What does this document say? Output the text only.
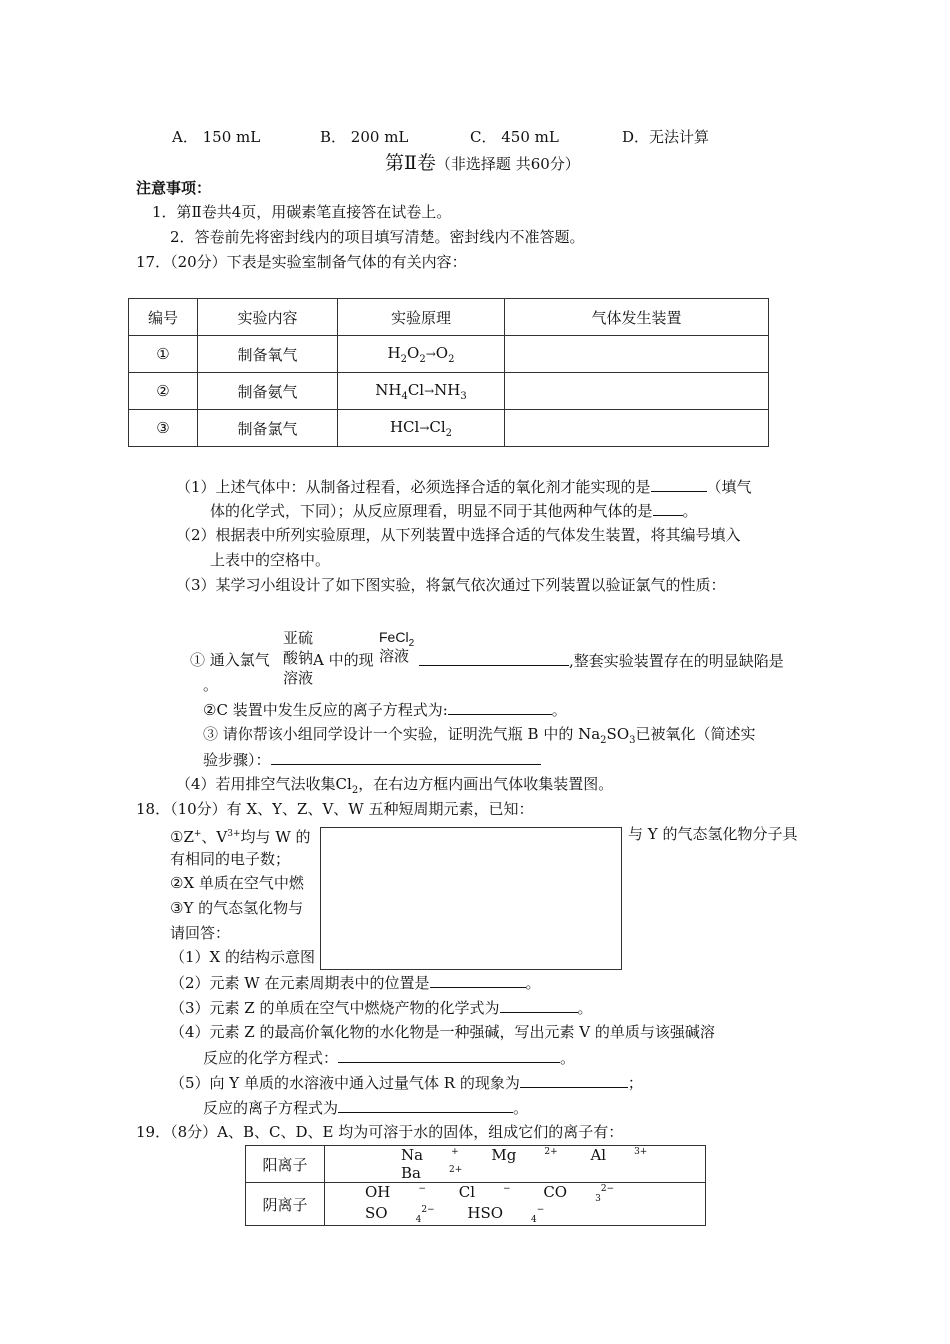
A． 150 mL	B． 200 mL	C． 450 mL	D．无法计算
第Ⅱ卷（非选择题 共60分）
注意事项：
1．第Ⅱ卷共4页，用碳素笔直接答在试卷上。
2．答卷前先将密封线内的项目填写清楚。密封线内不准答题。
17．（20分）下表是实验室制备气体的有关内容：
编号	实验内容	实验原理	气体发生装置
①	制备氧气	$H_2O_2\to O_2$	
②	制备氨气	$NH_4Cl\to NH_3$	
③	制备氯气	$HCl\to Cl_2$	
（1）上述气体中：从制备过程看，必须选择合适的氧化剂才能实现的是	（填气
体的化学式，下同）；从反应原理看，明显不同于其他两种气体的是 。
（2）根据表中所列实验原理，从下列装置中选择合适的气体发生装置，将其编号填入
上表中的空格中。
（3）某学习小组设计了如下图实验，将氯气依次通过下列装置以验证氯气的性质：
亚硫
酸钠
溶液
FeCl$_2$
溶液
① 通入氯气	A 中的现	,整套实验装置存在的明显缺陷是
。
②C 装置中发生反应的离子方程式为:	。
③ 请你帮该小组同学设计一个实验，证明洗气瓶 B 中的 $Na_2SO_3$已被氧化（简述实
验步骤）：
（4）若用排空气法收集$Cl_2$，在右边方框内画出气体收集装置图。
18．（10分）有 X、Y、Z、V、W 五种短周期元素，已知：
①Z+、$V^{3+}$均与 W 的	与 Y 的气态氢化物分子具
有相同的电子数；
②X 单质在空气中燃
③Y 的气态氢化物与
请回答：
（1）X 的结构示意图
（2）元素 W 在元素周期表中的位置是	。
（3）元素 Z 的单质在空气中燃烧产物的化学式为	。
（4）元素 Z 的最高价氧化物的水化物是一种强碱，写出元素 V 的单质与该强碱溶
反应的化学方程式：	。
（5）向 Y 单质的水溶液中通入过量气体 R 的现象为	；
反应的离子方程式为	。
19．（8分）A、B、C、D、E 均为可溶于水的固体，组成它们的离子有：
阳离子	Na + Mg $^{2+}$ Al $^{3+}$ Ba $^{2+}$
阴离子	OH − Cl − CO $_3^{2-}$ SO $_4^{2-}$ HSO $_4$−
